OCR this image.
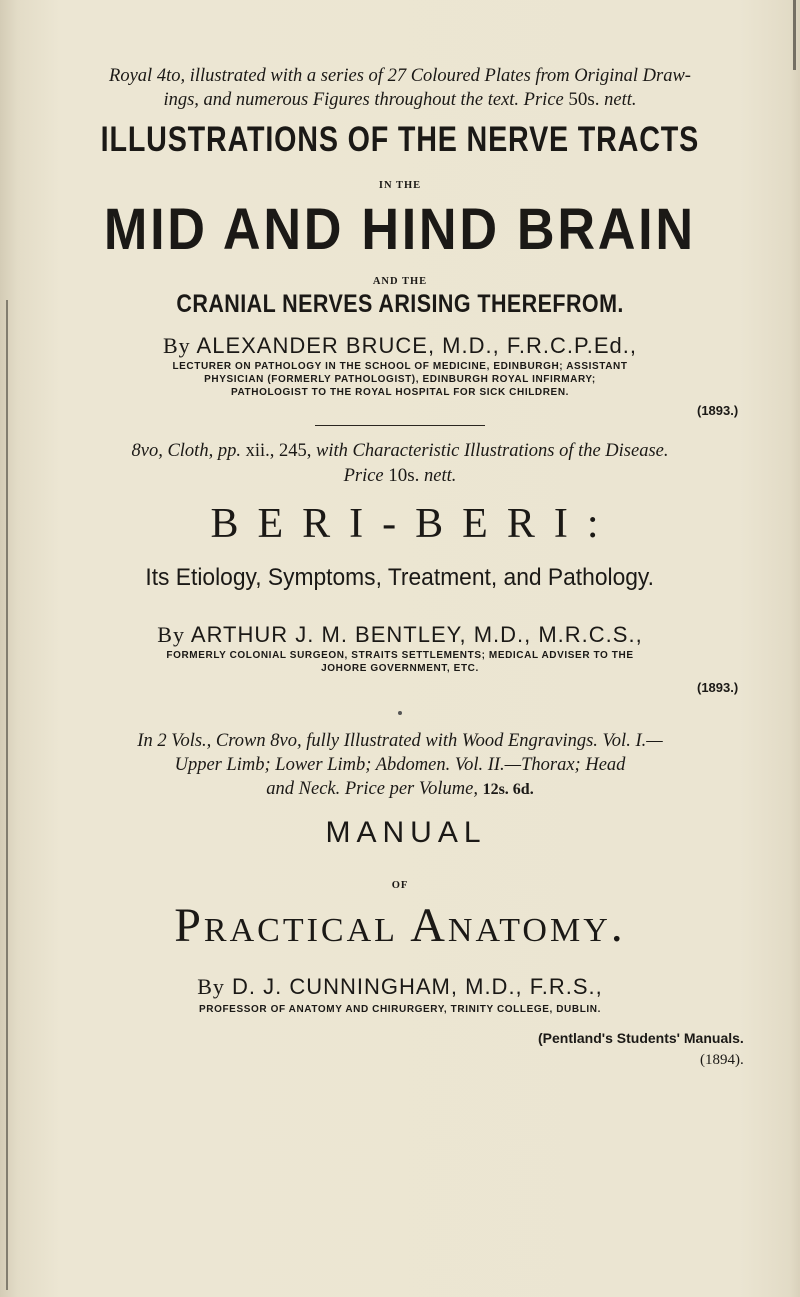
Royal 4to, illustrated with a series of 27 Coloured Plates from Original Draw-
ings, and numerous Figures throughout the text. Price 50s. nett.
ILLUSTRATIONS OF THE NERVE TRACTS
IN THE
MID AND HIND BRAIN
AND THE
CRANIAL NERVES ARISING THEREFROM.
By ALEXANDER BRUCE, M.D., F.R.C.P.Ed.,
LECTURER ON PATHOLOGY IN THE SCHOOL OF MEDICINE, EDINBURGH; ASSISTANT
PHYSICIAN (FORMERLY PATHOLOGIST), EDINBURGH ROYAL INFIRMARY;
PATHOLOGIST TO THE ROYAL HOSPITAL FOR SICK CHILDREN.
(1893.)
8vo, Cloth, pp. xii., 245, with Characteristic Illustrations of the Disease.
Price 10s. nett.
BERI-BERI:
Its Etiology, Symptoms, Treatment, and Pathology.
By ARTHUR J. M. BENTLEY, M.D., M.R.C.S.,
FORMERLY COLONIAL SURGEON, STRAITS SETTLEMENTS; MEDICAL ADVISER TO THE
JOHORE GOVERNMENT, ETC.
(1893.)
In 2 Vols., Crown 8vo, fully Illustrated with Wood Engravings. Vol. I.—
Upper Limb; Lower Limb; Abdomen. Vol. II.—Thorax; Head
and Neck. Price per Volume, 12s. 6d.
MANUAL
OF
Practical Anatomy.
By D. J. CUNNINGHAM, M.D., F.R.S.,
PROFESSOR OF ANATOMY AND CHIRURGERY, TRINITY COLLEGE, DUBLIN.
(Pentland's Students' Manuals.
(1894).
